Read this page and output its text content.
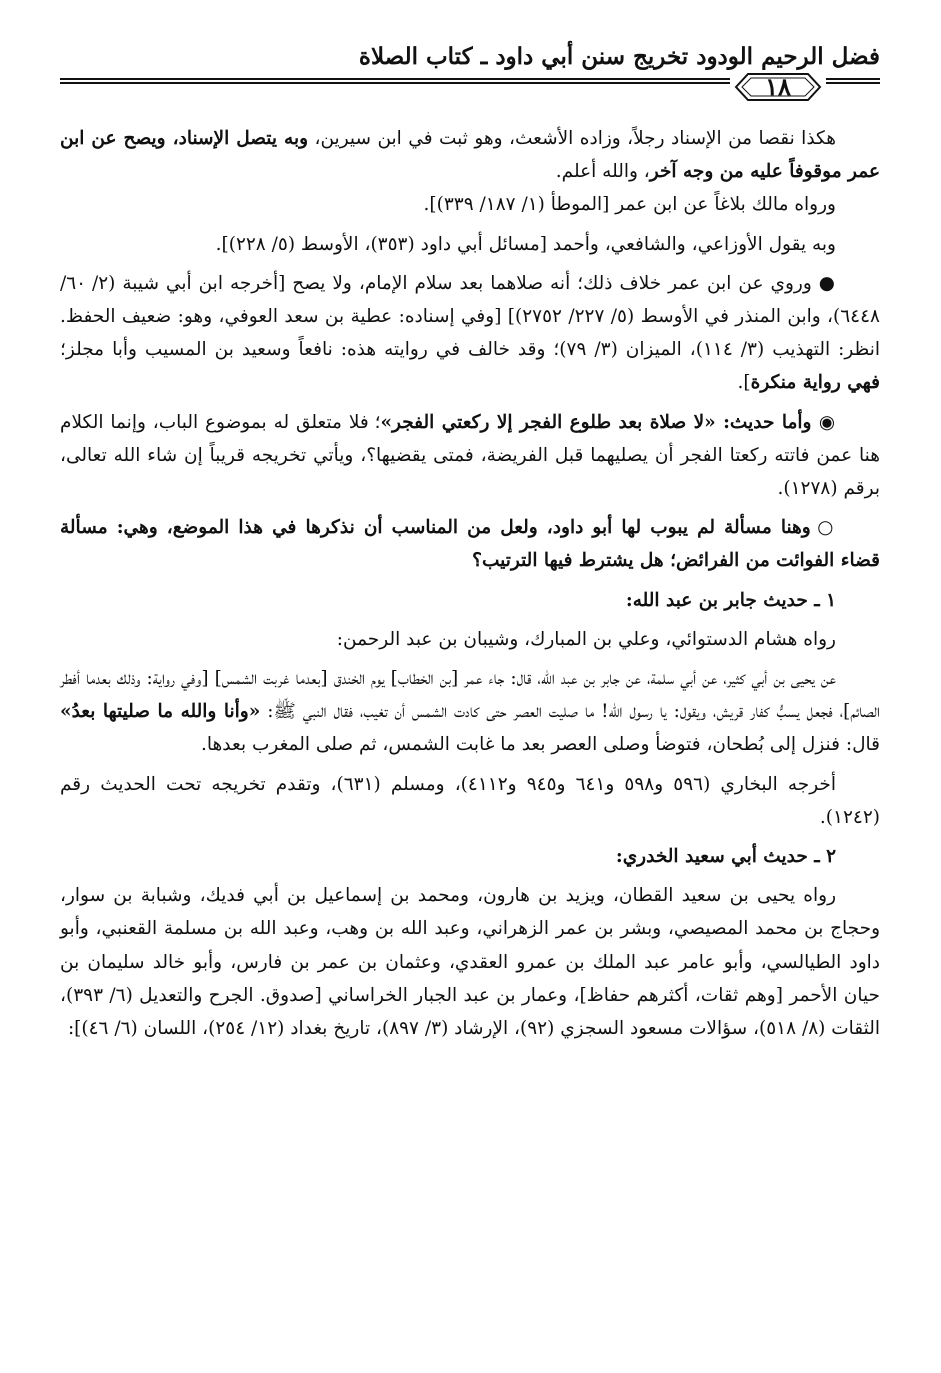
فضل الرحيم الودود تخريج سنن أبي داود ـ كتاب الصلاة
١٨

هكذا نقصا من الإسناد رجلاً، وزاده الأشعث، وهو ثبت في ابن سيرين، وبه يتصل الإسناد، ويصح عن ابن عمر موقوفاً عليه من وجه آخر، والله أعلم.

ورواه مالك بلاغاً عن ابن عمر [الموطأ (١/ ١٨٧/ ٣٣٩)].

وبه يقول الأوزاعي، والشافعي، وأحمد [مسائل أبي داود (٣٥٣)، الأوسط (٥/ ٢٢٨)].

● وروي عن ابن عمر خلاف ذلك؛ أنه صلاهما بعد سلام الإمام، ولا يصح [أخرجه ابن أبي شيبة (٢/ ٦٠/ ٦٤٤٨)، وابن المنذر في الأوسط (٥/ ٢٢٧/ ٢٧٥٢)] [وفي إسناده: عطية بن سعد العوفي، وهو: ضعيف الحفظ. انظر: التهذيب (٣/ ١١٤)، الميزان (٣/ ٧٩)؛ وقد خالف في روايته هذه: نافعاً وسعيد بن المسيب وأبا مجلز؛ فهي رواية منكرة].

◉ وأما حديث: «لا صلاة بعد طلوع الفجر إلا ركعتي الفجر»؛ فلا متعلق له بموضوع الباب، وإنما الكلام هنا عمن فاتته ركعتا الفجر أن يصليهما قبل الفريضة، فمتى يقضيها؟، ويأتي تخريجه قريباً إن شاء الله تعالى، برقم (١٢٧٨).

○ وهنا مسألة لم يبوب لها أبو داود، ولعل من المناسب أن نذكرها في هذا الموضع، وهي: مسألة قضاء الفوائت من الفرائض؛ هل يشترط فيها الترتيب؟

١ ـ حديث جابر بن عبد الله:

رواه هشام الدستوائي، وعلي بن المبارك، وشيبان بن عبد الرحمن:

عن يحيى بن أبي كثير، عن أبي سلمة، عن جابر بن عبد الله، قال: جاء عمر [بن الخطاب] يوم الخندق [بعدما غربت الشمس] [وفي رواية: وذلك بعدما أفطر الصائم]، فجعل يسبُّ كفار قريش، ويقول: يا رسول الله! ما صليت العصر حتى كادت الشمس أن تغيب، فقال النبي ﷺ: «وأنا والله ما صليتها بعدُ» قال: فنزل إلى بُطحان، فتوضأ وصلى العصر بعد ما غابت الشمس، ثم صلى المغرب بعدها.

أخرجه البخاري (٥٩٦ و٥٩٨ و٦٤١ و٩٤٥ و٤١١٢)، ومسلم (٦٣١)، وتقدم تخريجه تحت الحديث رقم (١٢٤٢).

٢ ـ حديث أبي سعيد الخدري:

رواه يحيى بن سعيد القطان، ويزيد بن هارون، ومحمد بن إسماعيل بن أبي فديك، وشبابة بن سوار، وحجاج بن محمد المصيصي، وبشر بن عمر الزهراني، وعبد الله بن وهب، وعبد الله بن مسلمة القعنبي، وأبو داود الطيالسي، وأبو عامر عبد الملك بن عمرو العقدي، وعثمان بن عمر بن فارس، وأبو خالد سليمان بن حيان الأحمر [وهم ثقات، أكثرهم حفاظ]، وعمار بن عبد الجبار الخراساني [صدوق. الجرح والتعديل (٦/ ٣٩٣)، الثقات (٨/ ٥١٨)، سؤالات مسعود السجزي (٩٢)، الإرشاد (٣/ ٨٩٧)، تاريخ بغداد (١٢/ ٢٥٤)، اللسان (٦/ ٤٦)]:
